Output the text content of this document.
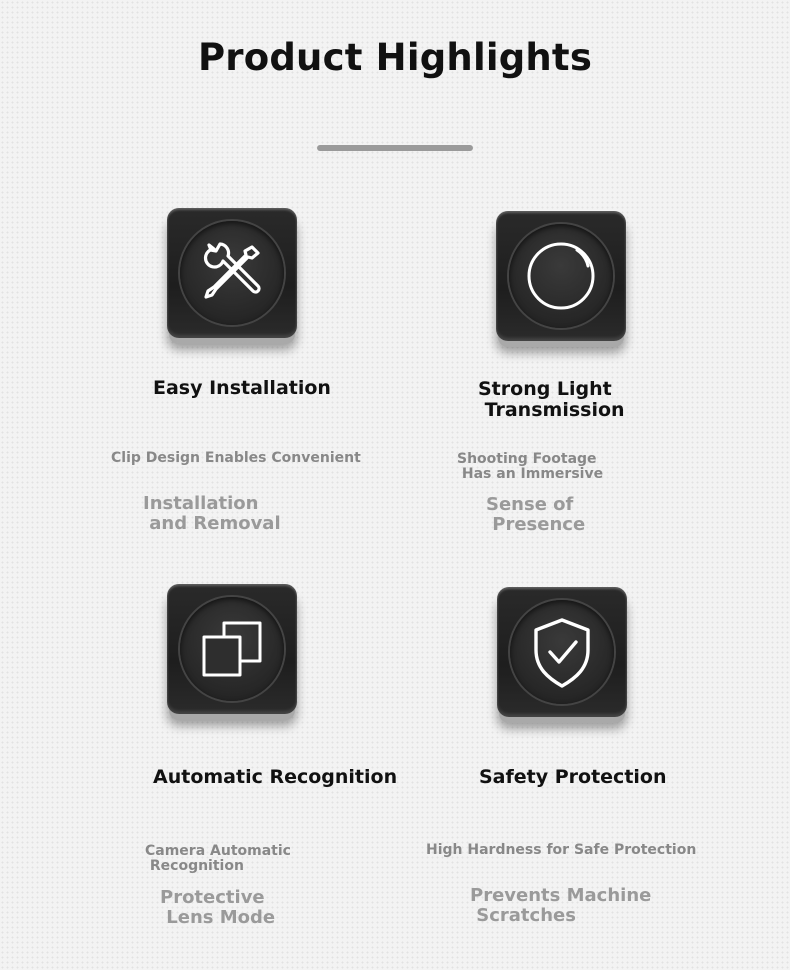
Product Highlights
Easy Installation
Clip Design Enables Convenient
Installation
and Removal
Strong Light
Transmission
Shooting Footage
Has an Immersive
Sense of
Presence
Automatic Recognition
Camera Automatic
Recognition
Protective
Lens Mode
Safety Protection
High Hardness for Safe Protection
Prevents Machine
Scratches
